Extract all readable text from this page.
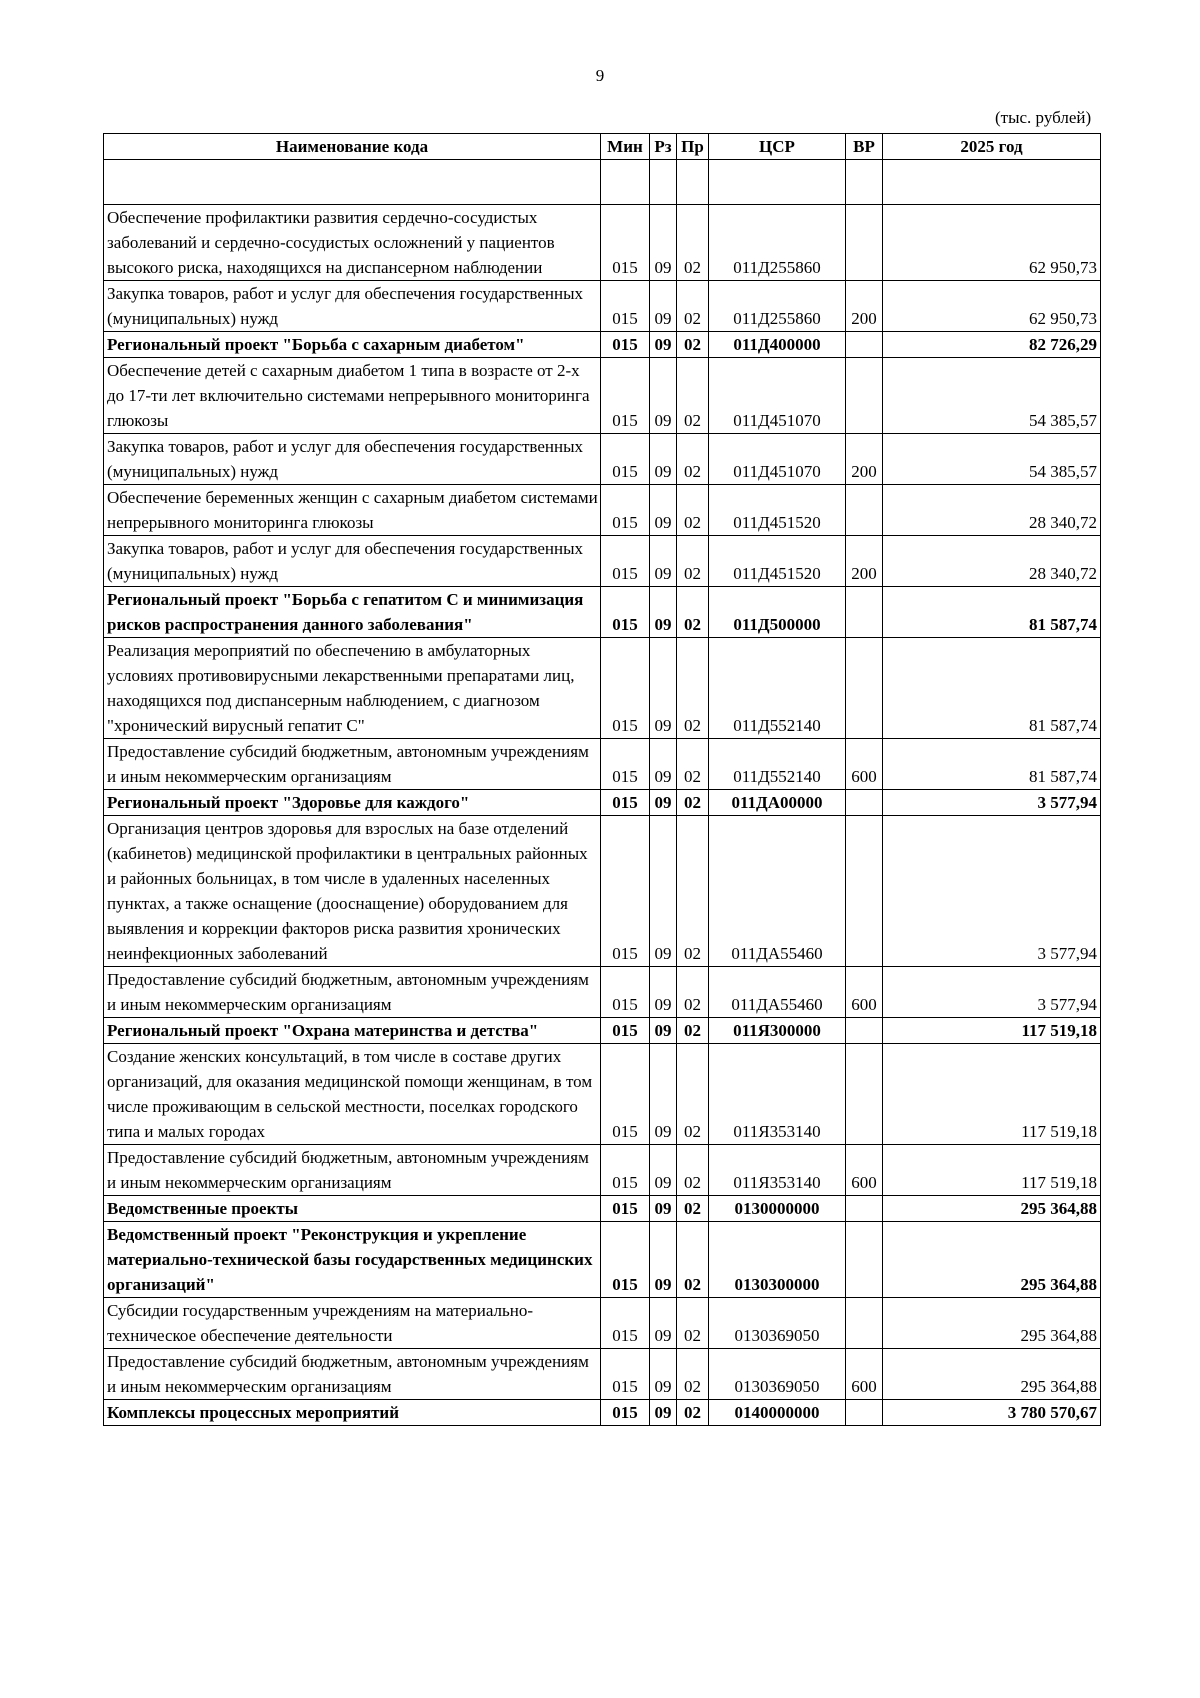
9
(тыс. рублей)
Наименование кода	Мин	Рз	Пр	ЦСР	ВР	2025 год

Обеспечение профилактики развития сердечно-сосудистых заболеваний и сердечно-сосудистых осложнений у пациентов высокого риска, находящихся на диспансерном наблюдении	015	09	02	011Д255860		62 950,73
Закупка товаров, работ и услуг для обеспечения государственных (муниципальных) нужд	015	09	02	011Д255860	200	62 950,73
Региональный проект "Борьба с сахарным диабетом"	015	09	02	011Д400000		82 726,29
Обеспечение детей с сахарным диабетом 1 типа в возрасте от 2-х до 17-ти лет включительно системами непрерывного мониторинга глюкозы	015	09	02	011Д451070		54 385,57
Закупка товаров, работ и услуг для обеспечения государственных (муниципальных) нужд	015	09	02	011Д451070	200	54 385,57
Обеспечение беременных женщин с сахарным диабетом системами непрерывного мониторинга глюкозы	015	09	02	011Д451520		28 340,72
Закупка товаров, работ и услуг для обеспечения государственных (муниципальных) нужд	015	09	02	011Д451520	200	28 340,72
Региональный проект "Борьба с гепатитом С и минимизация рисков распространения данного заболевания"	015	09	02	011Д500000		81 587,74
Реализация мероприятий по обеспечению в амбулаторных условиях противовирусными лекарственными препаратами лиц, находящихся под диспансерным наблюдением, с диагнозом "хронический вирусный гепатит С"	015	09	02	011Д552140		81 587,74
Предоставление субсидий бюджетным, автономным учреждениям и иным некоммерческим организациям	015	09	02	011Д552140	600	81 587,74
Региональный проект "Здоровье для каждого"	015	09	02	011ДА00000		3 577,94
Организация центров здоровья для взрослых на базе отделений (кабинетов) медицинской профилактики в центральных районных и районных больницах, в том числе в удаленных населенных пунктах, а также оснащение (дооснащение) оборудованием для выявления и коррекции факторов риска развития хронических неинфекционных заболеваний	015	09	02	011ДА55460		3 577,94
Предоставление субсидий бюджетным, автономным учреждениям и иным некоммерческим организациям	015	09	02	011ДА55460	600	3 577,94
Региональный проект "Охрана материнства и детства"	015	09	02	011Я300000		117 519,18
Создание женских консультаций, в том числе в составе других организаций, для оказания медицинской помощи женщинам, в том числе проживающим в сельской местности, поселках городского типа и малых городах	015	09	02	011Я353140		117 519,18
Предоставление субсидий бюджетным, автономным учреждениям и иным некоммерческим организациям	015	09	02	011Я353140	600	117 519,18
Ведомственные проекты	015	09	02	0130000000		295 364,88
Ведомственный проект "Реконструкция и укрепление материально-технической базы государственных медицинских организаций"	015	09	02	0130300000		295 364,88
Субсидии государственным учреждениям на материально-техническое обеспечение деятельности	015	09	02	0130369050		295 364,88
Предоставление субсидий бюджетным, автономным учреждениям и иным некоммерческим организациям	015	09	02	0130369050	600	295 364,88
Комплексы процессных мероприятий	015	09	02	0140000000		3 780 570,67
